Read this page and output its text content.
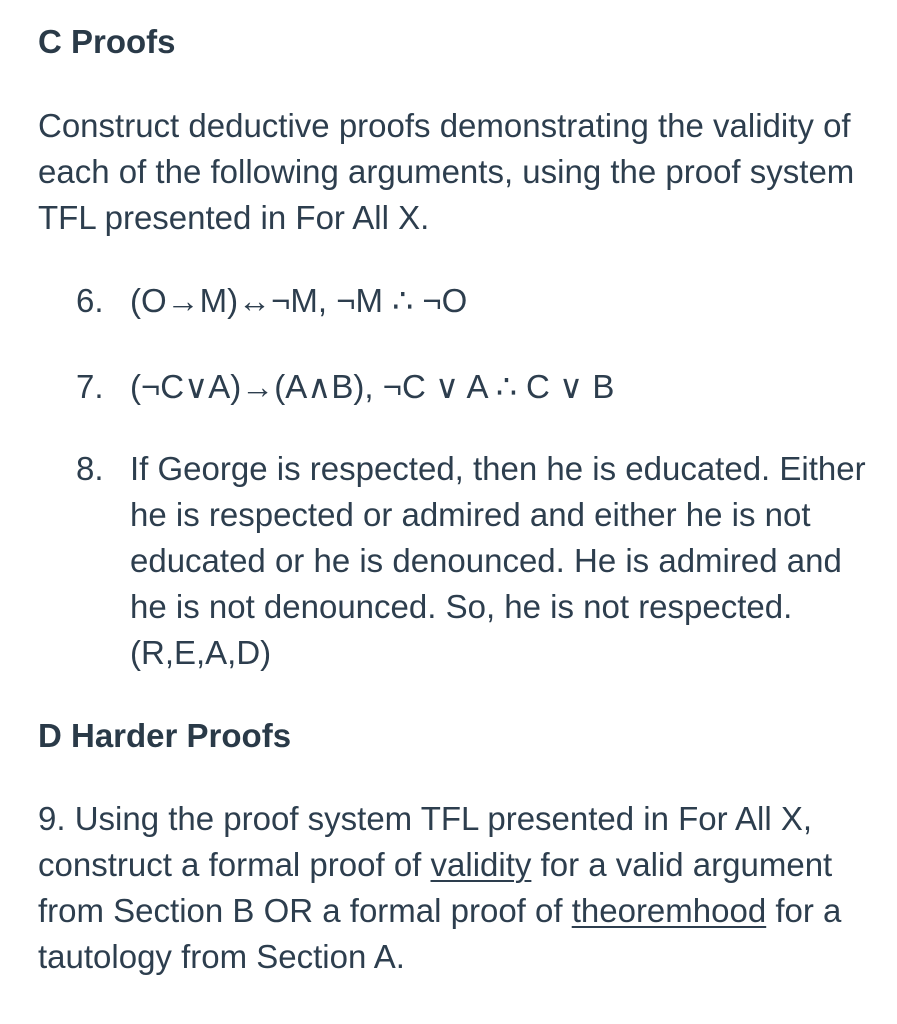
C Proofs

Construct deductive proofs demonstrating the validity of each of the following arguments, using the proof system TFL presented in For All X.

6. (O→M)↔¬M, ¬M ∴ ¬O
7. (¬C∨A)→(A∧B), ¬C ∨ A ∴ C ∨ B
8. If George is respected, then he is educated. Either he is respected or admired and either he is not educated or he is denounced. He is admired and he is not denounced. So, he is not respected. (R,E,A,D)
D Harder Proofs

9. Using the proof system TFL presented in For All X, construct a formal proof of validity for a valid argument from Section B OR a formal proof of theoremhood for a tautology from Section A.
